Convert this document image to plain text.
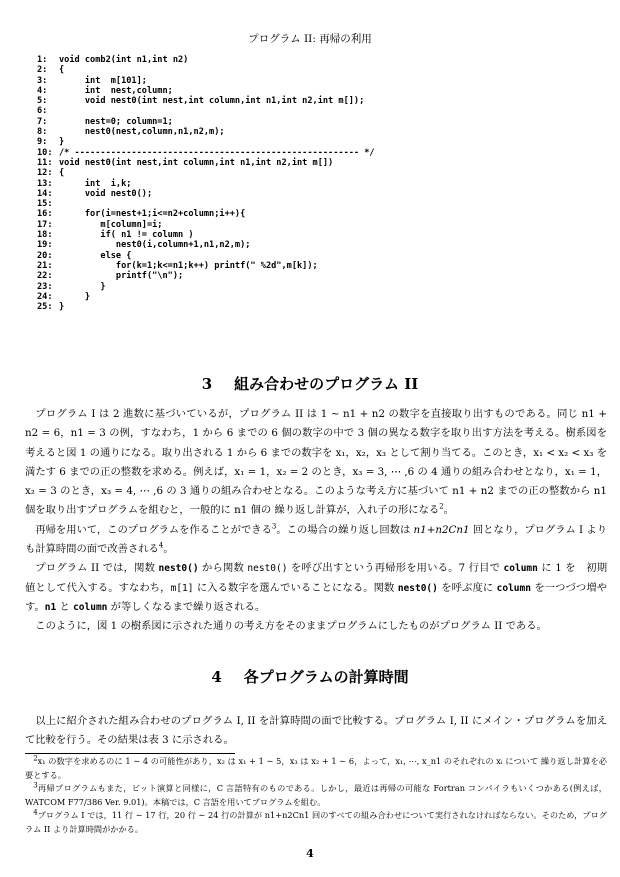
プログラム II: 再帰の利用
1: void comb2(int n1,int n2)
2: {
3:     int  m[101];
4:     int  nest,column;
5:     void nest0(int nest,int column,int n1,int n2,int m[]);
6:
7:     nest=0; column=1;
8:     nest0(nest,column,n1,n2,m);
9: }
10: /* ------------------------------------------------------- */
11: void nest0(int nest,int column,int n1,int n2,int m[])
12: {
13:     int  i,k;
14:     void nest0();
15:
16:     for(i=nest+1;i<=n2+column;i++){
17:        m[column]=i;
18:        if( n1 != column )
19:           nest0(i,column+1,n1,n2,m);
20:        else {
21:           for(k=1;k<=n1;k++) printf(" %2d",m[k]);
22:           printf("\n");
23:        }
24:     }
25: }
3 組み合わせのプログラム II

プログラム I は 2 進数に基づいているが，プログラム II は 1 ∼ n1 + n2 の数字を直接取り出すものである。同じ n1 + n2 = 6，n1 = 3 の例，すなわち，1 から 6 までの 6 個の数字の中で 3 個の異なる数字を取り出す方法を考える。樹系図を考えると図 1 の通りになる。取り出される 1 から 6 までの数字を x₁，x₂，x₃ として割り当てる。このとき，x₁ < x₂ < x₃ を満たす 6 までの正の整数を求める。例えば，x₁ = 1，x₂ = 2 のとき，x₃ = 3, ⋯ ,6 の 4 通りの組み合わせとなり，x₁ = 1，x₂ = 3 のとき，x₃ = 4, ⋯ ,6 の 3 通りの組み合わせとなる。このような考え方に基づいて n1 + n2 までの正の整数から n1 個を取り出すプログラムを組むと，一般的に n1 個の 繰り返し計算が，入れ子の形になる$^2$。

再帰を用いて，このプログラムを作ることができる$^3$。この場合の繰り返し回数は n1+n2Cn1 回となり，プログラム I よりも計算時間の面で改善される$^4$。

プログラム II では，関数 nest0() から関数 nest0() を呼び出すという再帰形を用いる。7 行目で column に 1 を　初期値として代入する。すなわち，m[1] に入る数字を選んでいることになる。関数 nest0() を呼ぶ度に column を一つづつ増やす。n1 と column が等しくなるまで繰り返される。

このように，図 1 の樹系図に示された通りの考え方をそのままプログラムにしたものがプログラム II である。

4 各プログラムの計算時間

以上に紹介された組み合わせのプログラム I, II を計算時間の面で比較する。プログラム I, II にメイン・プログラムを加えて比較を行う。その結果は表 3 に示される。

$^2$x₁ の数字を求めるのに 1 ∼ 4 の可能性があり，x₂ は x₁ + 1 ∼ 5，x₃ は x₂ + 1 ∼ 6，よって，x₁, ⋯, x_n1 のそれぞれの xᵢ について 繰り返し計算を必要とする。

$^3$再帰プログラムもまた，ビット演算と同様に，C 言語特有のものである。しかし，最近は再帰の可能な Fortran コンパイラもいくつかある(例えば，WATCOM F77/386 Ver. 9.01)。本稿では，C 言語を用いてプログラムを組む。

$^4$プログラム I では，11 行 ∼ 17 行，20 行 ∼ 24 行の計算が n1+n2Cn1 回のすべての組み合わせについて実行されなければならない。そのため，プログラム II より計算時間がかかる。

4
